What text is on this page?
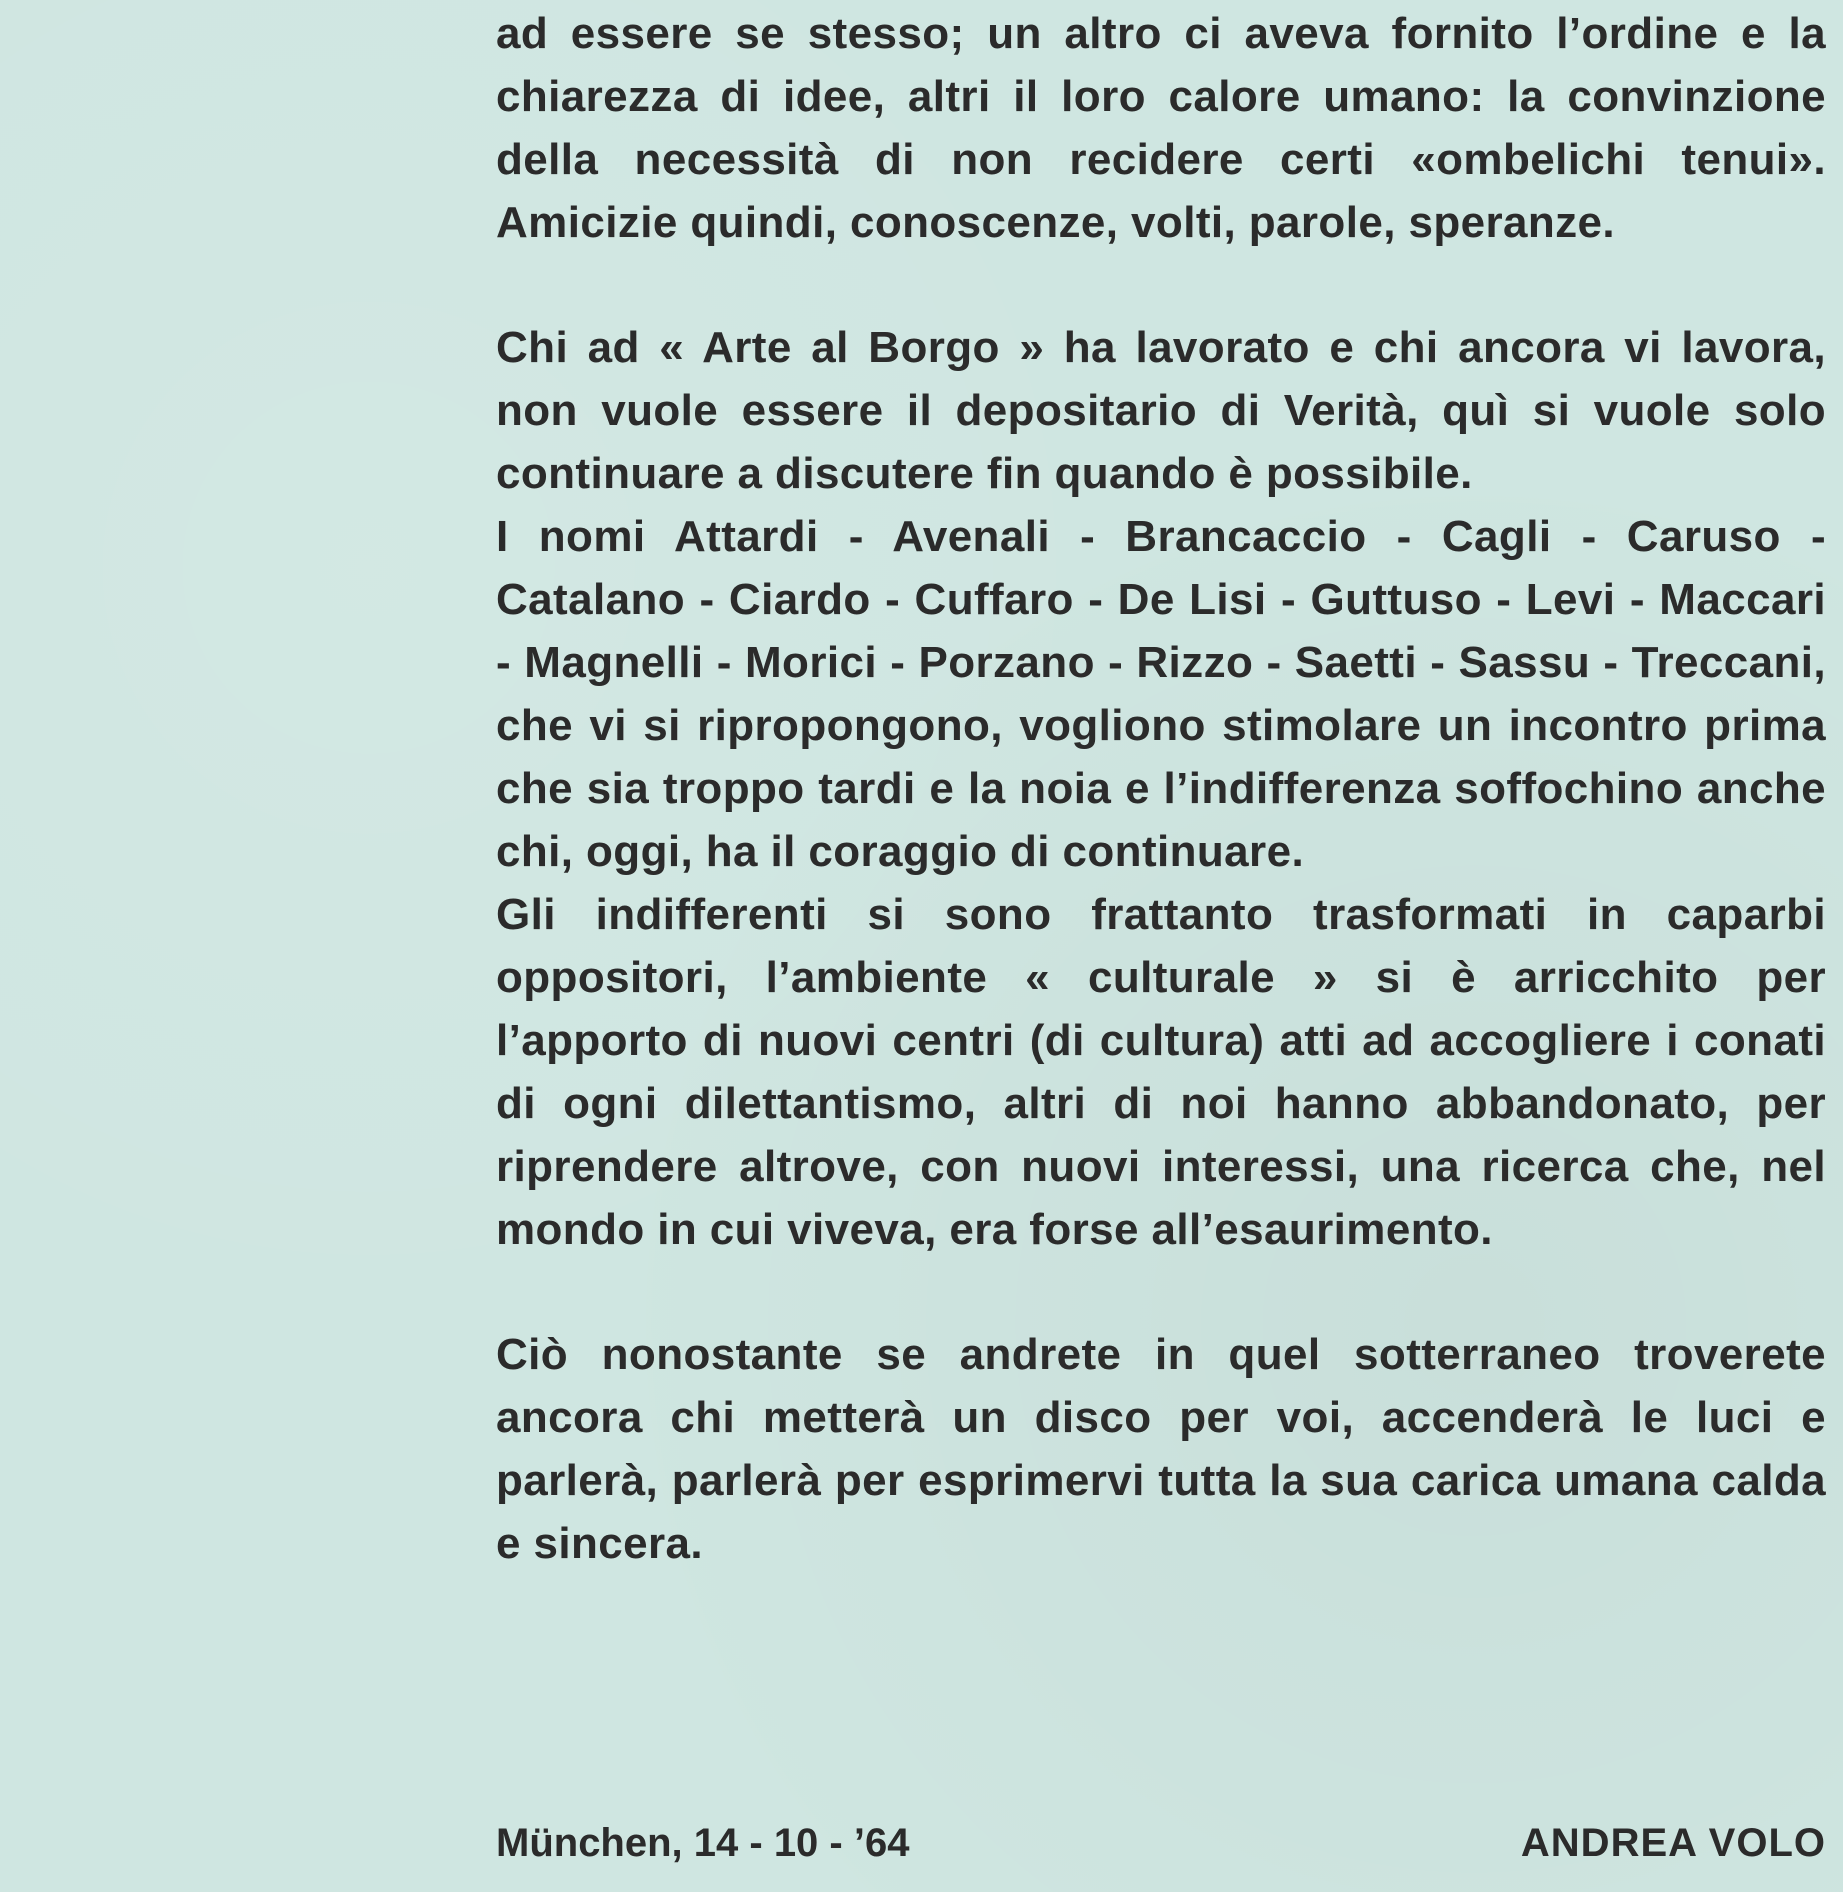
ad essere se stesso; un altro ci aveva fornito l’ordine e la chiarezza di idee, altri il loro calore umano: la convinzione della necessità di non recidere certi «ombelichi tenui». Amicizie quindi, conoscenze, volti, parole, speranze.

Chi ad « Arte al Borgo » ha lavorato e chi ancora vi lavora, non vuole essere il depositario di Verità, quì si vuole solo continuare a discutere fin quando è possibile.

I nomi Attardi - Avenali - Brancaccio - Cagli - Caruso - Catalano - Ciardo - Cuffaro - De Lisi - Guttuso - Levi - Maccari - Magnelli - Morici - Porzano - Rizzo - Saetti - Sassu - Treccani, che vi si ripropongono, vogliono stimolare un incontro prima che sia troppo tardi e la noia e l’indifferenza soffochino anche chi, oggi, ha il coraggio di continuare.

Gli indifferenti si sono frattanto trasformati in caparbi oppositori, l’ambiente « culturale » si è arricchito per l’apporto di nuovi centri (di cultura) atti ad accogliere i conati di ogni dilettantismo, altri di noi hanno abbandonato, per riprendere altrove, con nuovi interessi, una ricerca che, nel mondo in cui viveva, era forse all’esaurimento.

Ciò nonostante se andrete in quel sotterraneo troverete ancora chi metterà un disco per voi, accenderà le luci e parlerà, parlerà per esprimervi tutta la sua carica umana calda e sincera.

München, 14 - 10 - ’64	ANDREA VOLO
